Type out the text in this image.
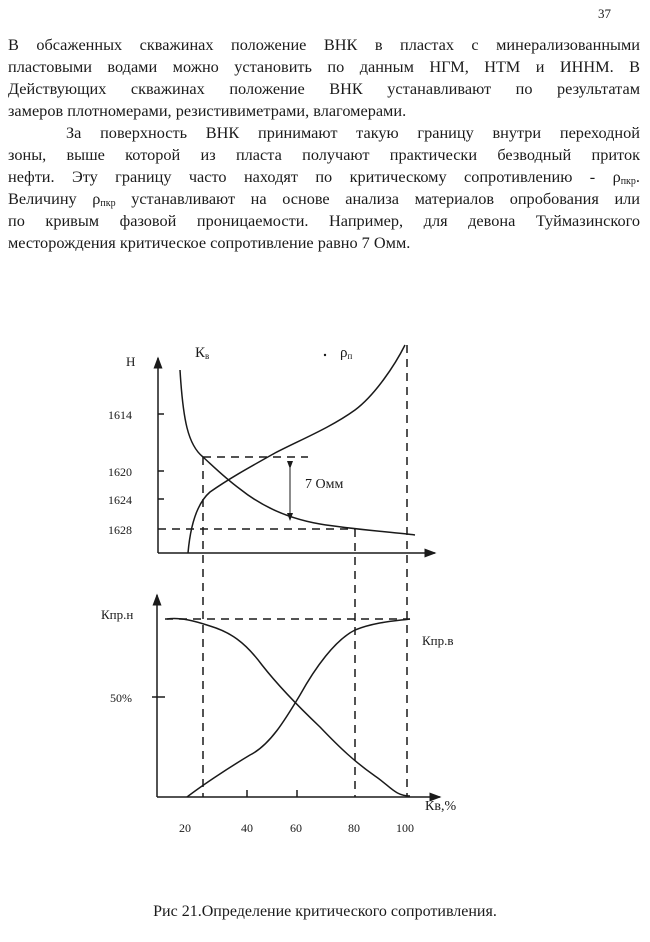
37
В обсаженных скважинах положение ВНК в пластах с минерализованными
пластовыми водами можно установить по данным НГМ, НТМ и ИННМ. В
Действующих скважинах положение ВНК устанавливают по результатам
замеров плотномерами, резистивиметрами, влагомерами.
За поверхность ВНК принимают такую границу внутри переходной
зоны, выше которой из пласта получают практически безводный приток
нефти. Эту границу часто находят по критическому сопротивлению - $\rho_{пкр}$.
Величину $\rho_{пкр}$ устанавливают на основе анализа материалов опробования или
по кривым фазовой проницаемости. Например, для девона Туймазинского
месторождения критическое сопротивление равно 7 Омм.
Н
Кв	ρп
1614
1620
1624
1628
7 Омм
Кпр.н
Кпр.в
50%
Кв,%
20	40	60	80	100
Рис 21.Определение критического сопротивления.
